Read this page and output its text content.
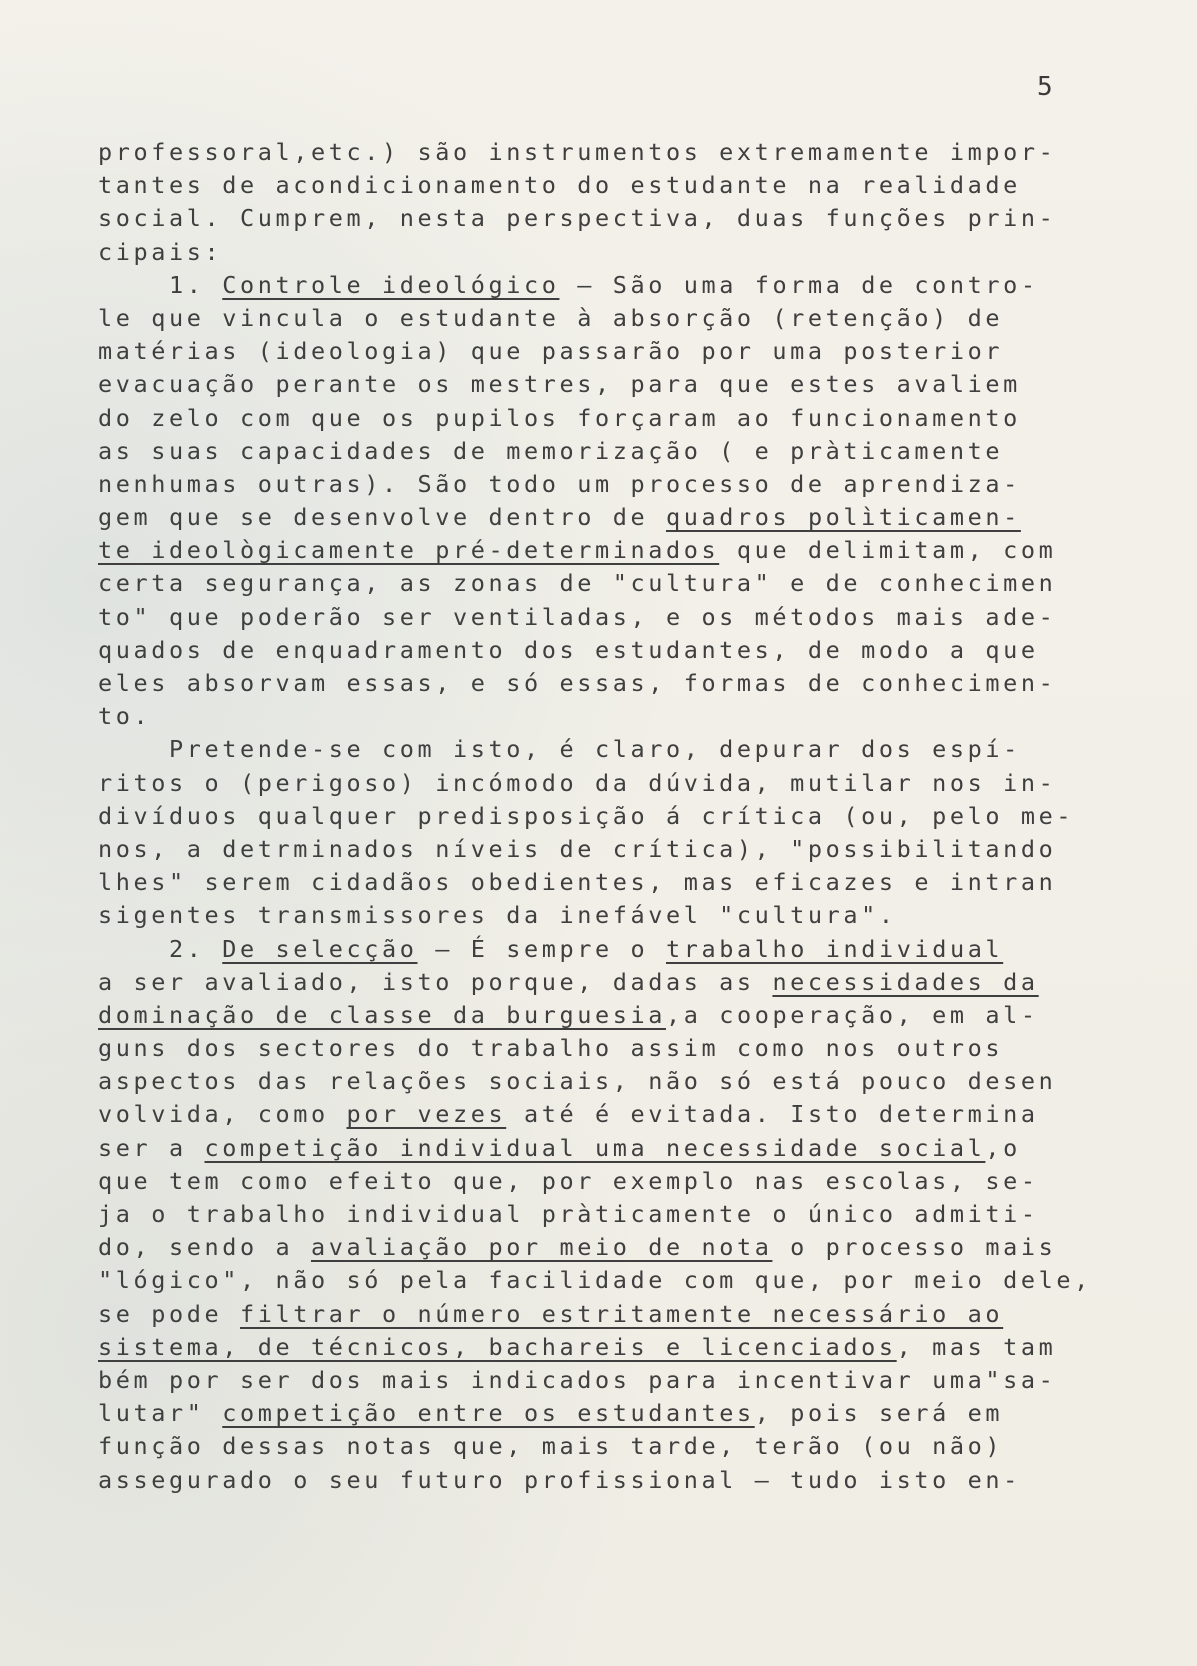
5
professoral,etc.) são instrumentos extremamente impor-
tantes de acondicionamento do estudante na realidade
social. Cumprem, nesta perspectiva, duas funções prin-
cipais:
1. Controle ideológico — São uma forma de contro-
le que vincula o estudante à absorção (retenção) de
matérias (ideologia) que passarão por uma posterior
evacuação perante os mestres, para que estes avaliem
do zelo com que os pupilos forçaram ao funcionamento
as suas capacidades de memorização ( e pràticamente
nenhumas outras). São todo um processo de aprendiza-
gem que se desenvolve dentro de quadros polìticamen-
te ideològicamente pré-determinados que delimitam, com
certa segurança, as zonas de "cultura" e de conhecimen
to" que poderão ser ventiladas, e os métodos mais ade-
quados de enquadramento dos estudantes, de modo a que
eles absorvam essas, e só essas, formas de conhecimen-
to.
Pretende-se com isto, é claro, depurar dos espí-
ritos o (perigoso) incómodo da dúvida, mutilar nos in-
divíduos qualquer predisposição á crítica (ou, pelo me-
nos, a detrminados níveis de crítica), "possibilitando
lhes" serem cidadãos obedientes, mas eficazes e intran
sigentes transmissores da inefável "cultura".
2. De selecção — É sempre o trabalho individual
a ser avaliado, isto porque, dadas as necessidades da
dominação de classe da burguesia,a cooperação, em al-
guns dos sectores do trabalho assim como nos outros
aspectos das relações sociais, não só está pouco desen
volvida, como por vezes até é evitada. Isto determina
ser a competição individual uma necessidade social,o
que tem como efeito que, por exemplo nas escolas, se-
ja o trabalho individual pràticamente o único admiti-
do, sendo a avaliação por meio de nota o processo mais
"lógico", não só pela facilidade com que, por meio dele,
se pode filtrar o número estritamente necessário ao
sistema, de técnicos, bachareis e licenciados, mas tam
bém por ser dos mais indicados para incentivar uma"sa-
lutar" competição entre os estudantes, pois será em
função dessas notas que, mais tarde, terão (ou não)
assegurado o seu futuro profissional — tudo isto en-
